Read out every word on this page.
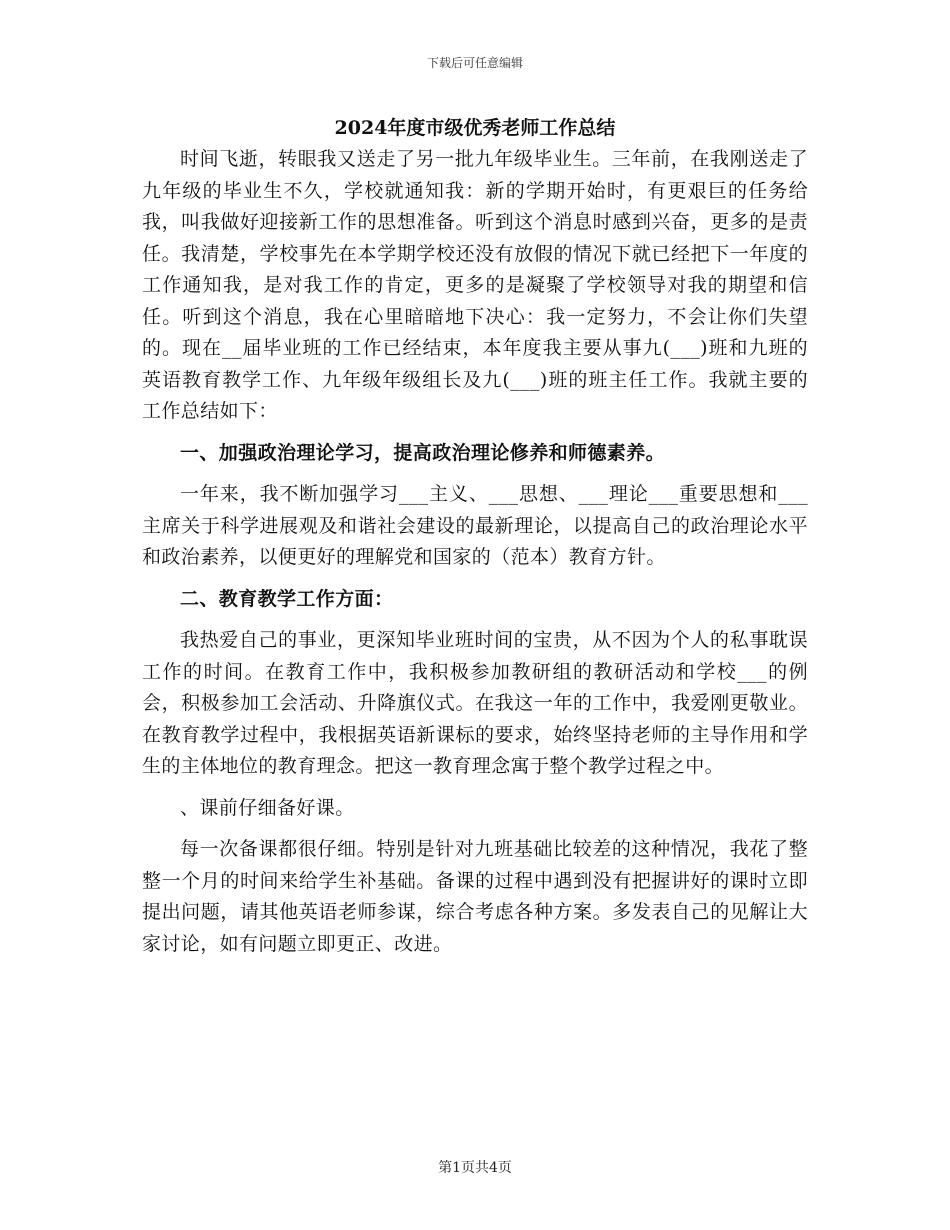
下载后可任意编辑
2024年度市级优秀老师工作总结

时间飞逝，转眼我又送走了另一批九年级毕业生。三年前，在我刚送走了九年级的毕业生不久，学校就通知我：新的学期开始时，有更艰巨的任务给我，叫我做好迎接新工作的思想准备。听到这个消息时感到兴奋，更多的是责任。我清楚，学校事先在本学期学校还没有放假的情况下就已经把下一年度的工作通知我，是对我工作的肯定，更多的是凝聚了学校领导对我的期望和信任。听到这个消息，我在心里暗暗地下决心：我一定努力，不会让你们失望的。现在__届毕业班的工作已经结束，本年度我主要从事九(___)班和九班的英语教育教学工作、九年级年级组长及九(___)班的班主任工作。我就主要的工作总结如下：

一、加强政治理论学习，提高政治理论修养和师德素养。

一年来，我不断加强学习___主义、___思想、___理论___重要思想和___主席关于科学进展观及和谐社会建设的最新理论，以提高自己的政治理论水平和政治素养，以便更好的理解党和国家的（范本）教育方针。

二、教育教学工作方面：

我热爱自己的事业，更深知毕业班时间的宝贵，从不因为个人的私事耽误工作的时间。在教育工作中，我积极参加教研组的教研活动和学校___的例会，积极参加工会活动、升降旗仪式。在我这一年的工作中，我爱刚更敬业。在教育教学过程中，我根据英语新课标的要求，始终坚持老师的主导作用和学生的主体地位的教育理念。把这一教育理念寓于整个教学过程之中。

、课前仔细备好课。

每一次备课都很仔细。特别是针对九班基础比较差的这种情况，我花了整整一个月的时间来给学生补基础。备课的过程中遇到没有把握讲好的课时立即提出问题，请其他英语老师参谋，综合考虑各种方案。多发表自己的见解让大家讨论，如有问题立即更正、改进。

第1页共4页
